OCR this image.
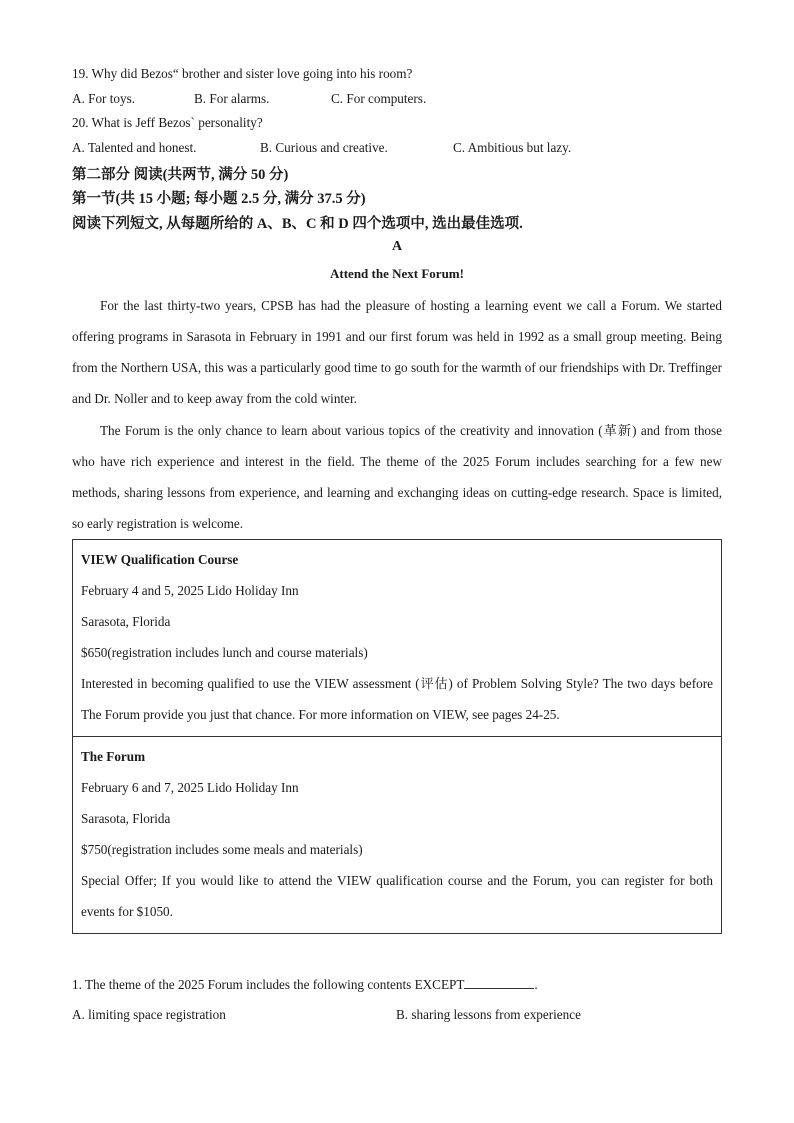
19. Why did Bezos“ brother and sister love going into his room?
A. For toys.	B. For alarms.	C. For computers.
20. What is Jeff Bezos` personality?
A. Talented and honest.	B. Curious and creative.	C. Ambitious but lazy.
第二部分 阅读(共两节, 满分 50 分)
第一节(共 15 小题; 每小题 2.5 分, 满分 37.5 分)
阅读下列短文, 从每题所给的 A、B、C 和 D 四个选项中, 选出最佳选项.
A
Attend the Next Forum!
For the last thirty-two years, CPSB has had the pleasure of hosting a learning event we call a Forum. We started offering programs in Sarasota in February in 1991 and our first forum was held in 1992 as a small group meeting. Being from the Northern USA, this was a particularly good time to go south for the warmth of our friendships with Dr. Treffinger and Dr. Noller and to keep away from the cold winter.
The Forum is the only chance to learn about various topics of the creativity and innovation (革新) and from those who have rich experience and interest in the field. The theme of the 2025 Forum includes searching for a few new methods, sharing lessons from experience, and learning and exchanging ideas on cutting-edge research. Space is limited, so early registration is welcome.
VIEW Qualification Course
February 4 and 5, 2025 Lido Holiday Inn
Sarasota, Florida
$650(registration includes lunch and course materials)
Interested in becoming qualified to use the VIEW assessment (评估) of Problem Solving Style? The two days before The Forum provide you just that chance. For more information on VIEW, see pages 24-25.
The Forum
February 6 and 7, 2025 Lido Holiday Inn
Sarasota, Florida
$750(registration includes some meals and materials)
Special Offer; If you would like to attend the VIEW qualification course and the Forum, you can register for both events for $1050.
1. The theme of the 2025 Forum includes the following contents EXCEPT	.
A. limiting space registration	B. sharing lessons from experience
